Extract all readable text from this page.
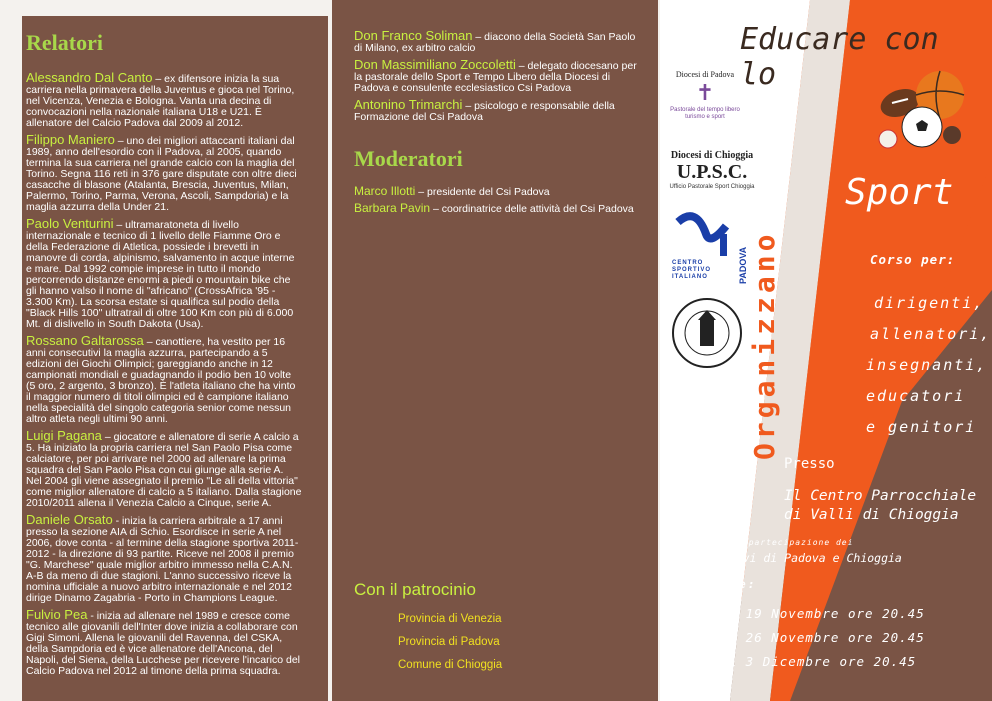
Relatori

Alessandro Dal Canto – ex difensore inizia la sua carriera nella primavera della Juventus e gioca nel Torino, nel Vicenza, Venezia e Bologna. Vanta una decina di convocazioni nella nazionale italiana U18 e U21. È allenatore del Calcio Padova dal 2009 al 2012.

Filippo Maniero – uno dei migliori attaccanti italiani dal 1989, anno dell'esordio con il Padova, al 2005, quando termina la sua carriera nel grande calcio con la maglia del Torino. Segna 116 reti in 376 gare disputate con oltre dieci casacche di blasone (Atalanta, Brescia, Juventus, Milan, Palermo, Torino, Parma, Verona, Ascoli, Sampdoria) e la maglia azzurra della Under 21.

Paolo Venturini – ultramaratoneta di livello internazionale e tecnico di 1 livello delle Fiamme Oro e della Federazione di Atletica, possiede i brevetti in manovre di corda, alpinismo, salvamento in acque interne e mare. Dal 1992 compie imprese in tutto il mondo percorrendo distanze enormi a piedi o mountain bike che gli hanno valso il nome di "africano" (CrossAfrica '95 - 3.300 Km). La scorsa estate si qualifica sul podio della "Black Hills 100" ultratrail di oltre 100 Km con più di 6.000 Mt. di dislivello in South Dakota (Usa).

Rossano Galtarossa – canottiere, ha vestito per 16 anni consecutivi la maglia azzurra, partecipando a 5 edizioni dei Giochi Olimpici; gareggiando anche in 12 campionati mondiali e guadagnando il podio ben 10 volte (5 oro, 2 argento, 3 bronzo). È l'atleta italiano che ha vinto il maggior numero di titoli olimpici ed è campione italiano nella specialità del singolo categoria senior come nessun altro atleta negli ultimi 90 anni.

Luigi Pagana – giocatore e allenatore di serie A calcio a 5. Ha iniziato la propria carriera nel San Paolo Pisa come calciatore, per poi arrivare nel 2000 ad allenare la prima squadra del San Paolo Pisa con cui giunge alla serie A. Nel 2004 gli viene assegnato il premio "Le ali della vittoria" come miglior allenatore di calcio a 5 italiano. Dalla stagione 2010/2011 allena il Venezia Calcio a Cinque, serie A.

Daniele Orsato - inizia la carriera arbitrale a 17 anni presso la sezione AIA di Schio. Esordisce in serie A nel 2006, dove conta - al termine della stagione sportiva 2011-2012 - la direzione di 93 partite. Riceve nel 2008 il premio "G. Marchese" quale miglior arbitro immesso nella C.A.N. A-B da meno di due stagioni. L'anno successivo riceve la nomina ufficiale a nuovo arbitro internazionale e nel 2012 dirige Dinamo Zagabria - Porto in Champions League.

Fulvio Pea - inizia ad allenare nel 1989 e cresce come tecnico alle giovanili dell'Inter dove inizia a collaborare con Gigi Simoni. Allena le giovanili del Ravenna, del CSKA, della Sampdoria ed è vice allenatore dell'Ancona, del Napoli, del Siena, della Lucchese per ricevere l'incarico del Calcio Padova nel 2012 al timone della prima squadra.

Don Franco Soliman – diacono della Società San Paolo di Milano, ex arbitro calcio

Don Massimiliano Zoccoletti – delegato diocesano per la pastorale dello Sport e Tempo Libero della Diocesi di Padova e consulente ecclesiastico Csi Padova

Antonino Trimarchi – psicologo e responsabile della Formazione del Csi Padova

Moderatori

Marco Illotti – presidente del Csi Padova

Barbara Pavin – coordinatrice delle attività del Csi Padova

Con il patrocinio
Provincia di Venezia
Provincia di Padova
Comune di Chioggia
Educare con lo
Sport
Organizzano
Diocesi di Padova
✝
Pastorale del tempo libero turismo e sport
Diocesi di Chioggia
U.P.S.C.
Ufficio Pastorale Sport Chioggia
CENTRO
SPORTIVO
ITALIANO	PADOVA	Corso per:
dirigenti,
allenatori,
insegnanti,
educatori
e genitori
Presso
Il Centro Parrocchiale
di Valli di Chioggia
Con la partecipazione dei
vescovi di Padova e Chioggia
Date:
Lunedì 19 Novembre ore 20.45
Lunedì 26 Novembre ore 20.45
Lunedì 3 Dicembre ore 20.45
